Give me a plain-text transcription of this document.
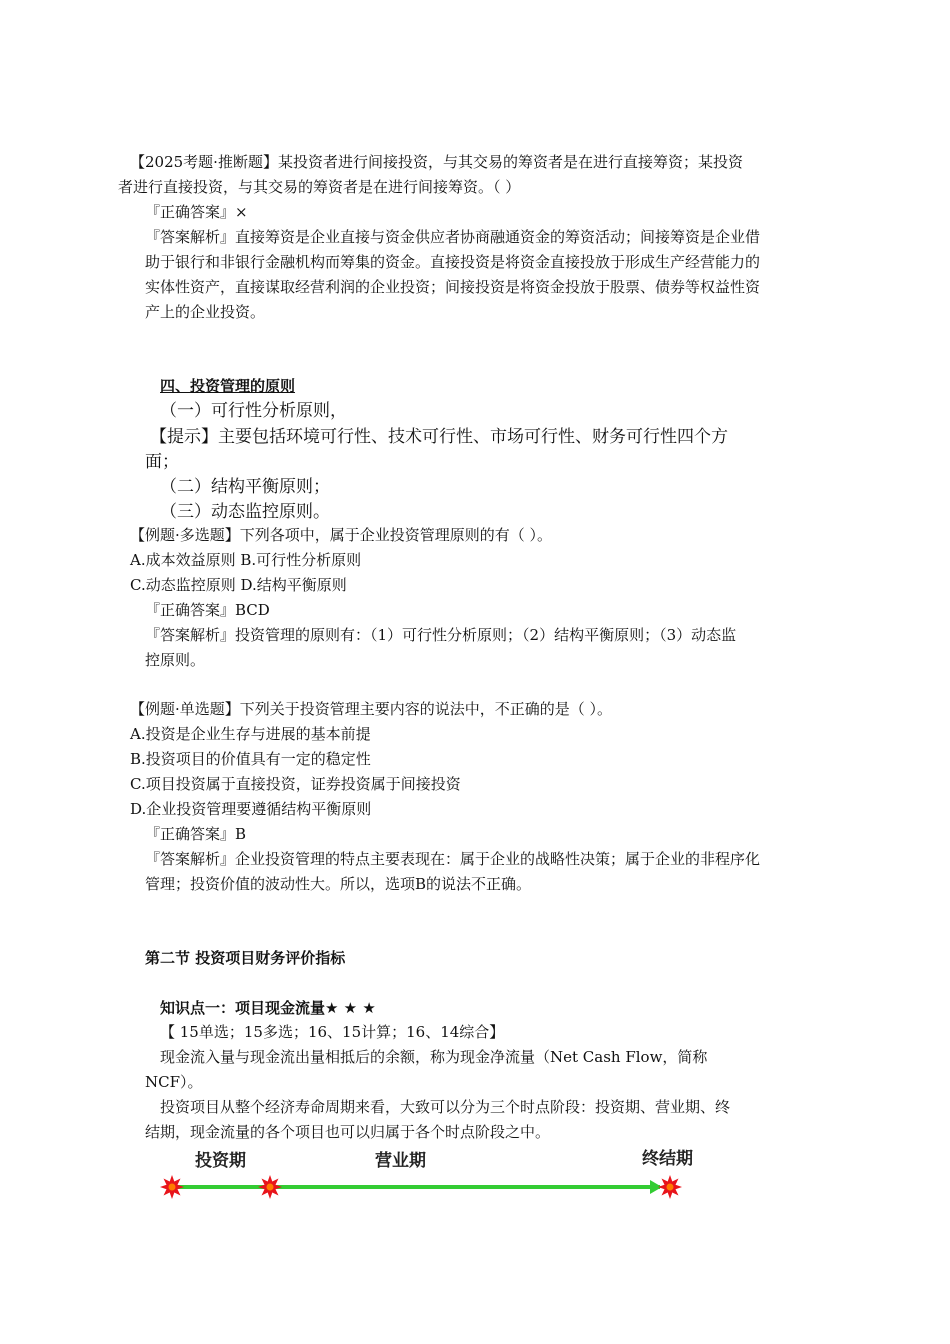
【2025考题·推断题】某投资者进行间接投资，与其交易的筹资者是在进行直接筹资；某投资
者进行直接投资，与其交易的筹资者是在进行间接筹资。（ ）
『正确答案』×
『答案解析』直接筹资是企业直接与资金供应者协商融通资金的筹资活动；间接筹资是企业借
助于银行和非银行金融机构而筹集的资金。直接投资是将资金直接投放于形成生产经营能力的
实体性资产，直接谋取经营利润的企业投资；间接投资是将资金投放于股票、债券等权益性资
产上的企业投资。
四、投资管理的原则
（一）可行性分析原则，
【提示】主要包括环境可行性、技术可行性、市场可行性、财务可行性四个方
面；
（二）结构平衡原则；
（三）动态监控原则。
【例题·多选题】下列各项中，属于企业投资管理原则的有（ ）。
A.成本效益原则 B.可行性分析原则
C.动态监控原则 D.结构平衡原则
『正确答案』BCD
『答案解析』投资管理的原则有：（1）可行性分析原则；（2）结构平衡原则；（3）动态监
控原则。
【例题·单选题】下列关于投资管理主要内容的说法中，不正确的是（ ）。
A.投资是企业生存与进展的基本前提
B.投资项目的价值具有一定的稳定性
C.项目投资属于直接投资，证券投资属于间接投资
D.企业投资管理要遵循结构平衡原则
『正确答案』B
『答案解析』企业投资管理的特点主要表现在：属于企业的战略性决策；属于企业的非程序化
管理；投资价值的波动性大。所以，选项B的说法不正确。
第二节 投资项目财务评价指标
知识点一：项目现金流量★ ★ ★
【 15单选；15多选；16、15计算；16、14综合】
现金流入量与现金流出量相抵后的余额，称为现金净流量（Net Cash Flow，简称
NCF）。
投资项目从整个经济寿命周期来看，大致可以分为三个时点阶段：投资期、营业期、终
结期，现金流量的各个项目也可以归属于各个时点阶段之中。
投资期	营业期	终结期
